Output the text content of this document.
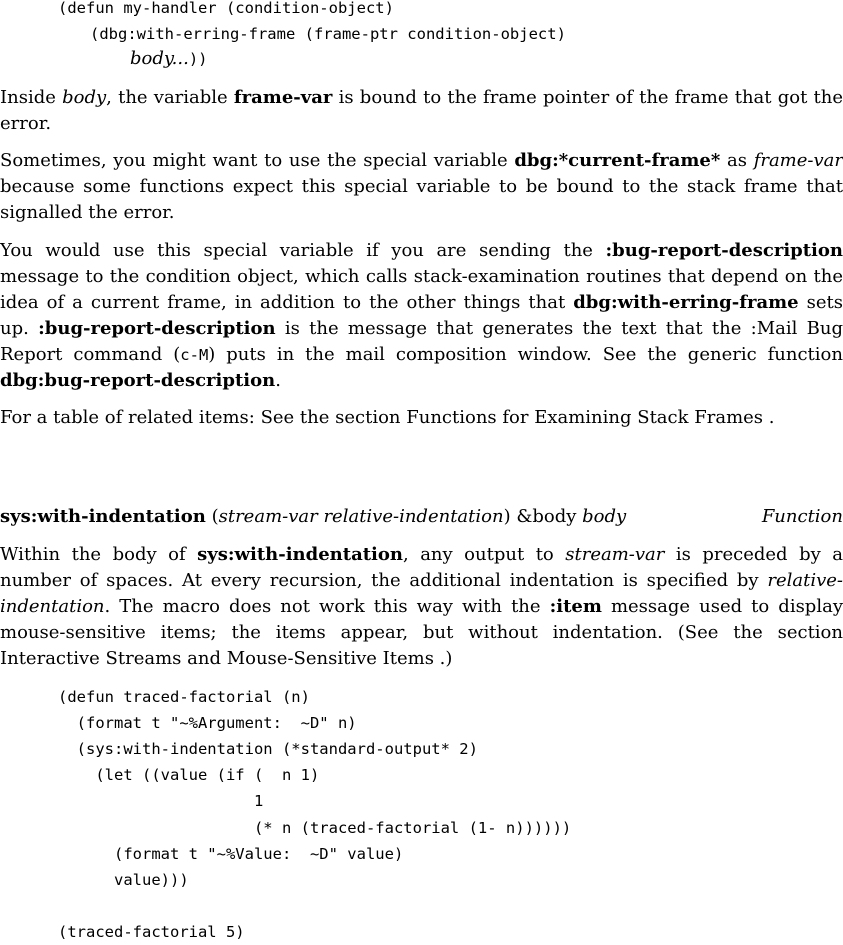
(defun my-handler (condition-object)
(dbg:with-erring-frame (frame-ptr condition-object)
body...))
Inside body, the variable frame-var is bound to the frame pointer of the frame that got the error.
Sometimes, you might want to use the special variable dbg:*current-frame* as frame-var because some functions expect this special variable to be bound to the stack frame that signalled the error.
You would use this special variable if you are sending the :bug-report-description message to the condition object, which calls stack-examination routines that depend on the idea of a current frame, in addition to the other things that dbg:with-erring-frame sets up. :bug-report-description is the message that generates the text that the :Mail Bug Report command (c-M) puts in the mail composition window. See the generic function dbg:bug-report-description.
For a table of related items: See the section Functions for Examining Stack Frames .
sys:with-indentation (stream-var relative-indentation) &body body	Function
Within the body of sys:with-indentation, any output to stream-var is preceded by a number of spaces. At every recursion, the additional indentation is specified by relative-indentation. The macro does not work this way with the :item message used to display mouse-sensitive items; the items appear, but without indentation. (See the section Interactive Streams and Mouse-Sensitive Items .)
(defun traced-factorial (n)
(format t "~%Argument:  ~D" n)
(sys:with-indentation (*standard-output* 2)
(let ((value (if (  n 1)
1
(* n (traced-factorial (1- n))))))
(format t "~%Value:  ~D" value)
value)))
(traced-factorial 5)
